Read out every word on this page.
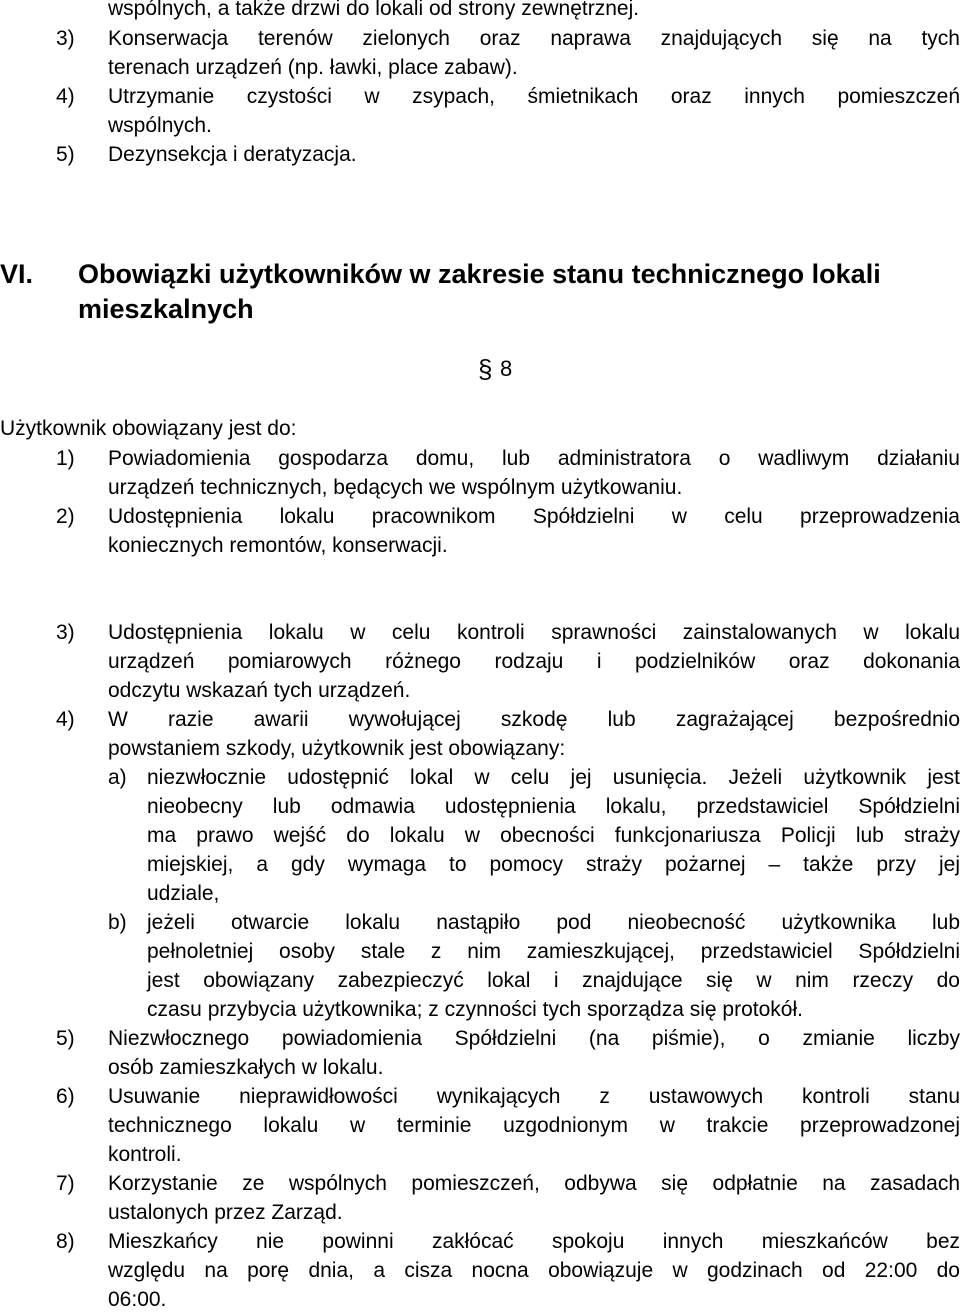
wspólnych, a także drzwi do lokali od strony zewnętrznej.
3) Konserwacja terenów zielonych oraz naprawa znajdujących się na tych
terenach urządzeń (np. ławki, place zabaw).
4) Utrzymanie czystości w zsypach, śmietnikach oraz innych pomieszczeń
wspólnych.
5) Dezynsekcja i deratyzacja.
VI. Obowiązki użytkowników w zakresie stanu technicznego lokali
mieszkalnych
§ 8
Użytkownik obowiązany jest do:
1) Powiadomienia gospodarza domu, lub administratora o wadliwym działaniu
urządzeń technicznych, będących we wspólnym użytkowaniu.
2) Udostępnienia lokalu pracownikom Spółdzielni w celu przeprowadzenia
koniecznych remontów, konserwacji.
3) Udostępnienia lokalu w celu kontroli sprawności zainstalowanych w lokalu
urządzeń pomiarowych różnego rodzaju i podzielników oraz dokonania
odczytu wskazań tych urządzeń.
4) W razie awarii wywołującej szkodę lub zagrażającej bezpośrednio
powstaniem szkody, użytkownik jest obowiązany:
a) niezwłocznie udostępnić lokal w celu jej usunięcia. Jeżeli użytkownik jest
nieobecny lub odmawia udostępnienia lokalu, przedstawiciel Spółdzielni
ma prawo wejść do lokalu w obecności funkcjonariusza Policji lub straży
miejskiej, a gdy wymaga to pomocy straży pożarnej – także przy jej
udziale,
b) jeżeli otwarcie lokalu nastąpiło pod nieobecność użytkownika lub
pełnoletniej osoby stale z nim zamieszkującej, przedstawiciel Spółdzielni
jest obowiązany zabezpieczyć lokal i znajdujące się w nim rzeczy do
czasu przybycia użytkownika; z czynności tych sporządza się protokół.
5) Niezwłocznego powiadomienia Spółdzielni (na piśmie), o zmianie liczby
osób zamieszkałych w lokalu.
6) Usuwanie nieprawidłowości wynikających z ustawowych kontroli stanu
technicznego lokalu w terminie uzgodnionym w trakcie przeprowadzonej
kontroli.
7) Korzystanie ze wspólnych pomieszczeń, odbywa się odpłatnie na zasadach
ustalonych przez Zarząd.
8) Mieszkańcy nie powinni zakłócać spokoju innych mieszkańców bez
względu na porę dnia, a cisza nocna obowiązuje w godzinach od 22:00 do
06:00.
